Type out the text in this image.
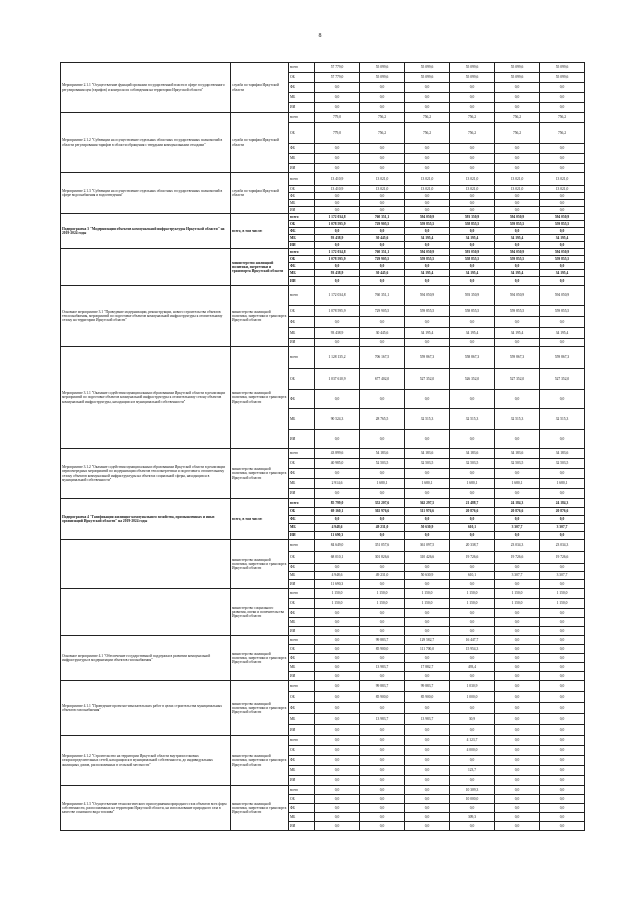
8
Мероприятие 2.1.1 "Осуществление функций органами государственной власти в сфере государственного регулирования цен (тарифов) и контроля их соблюдения на территории Иркутской области"	служба по тарифам Иркутской области	всего	57 779,0	55 099,6	55 099,6	55 099,6	55 099,6	55 099,6
		ОБ	57 779,0	55 099,6	55 099,6	55 099,6	55 099,6	55 099,6
		ФБ	0,0	0,0	0,0	0,0	0,0	0,0
		МБ	0,0	0,0	0,0	0,0	0,0	0,0
		ИИ	0,0	0,0	0,0	0,0	0,0	0,0
Мероприятие 2.1.2 "Субвенции на осуществление отдельных областных государственных полномочий в области регулирования тарифов в области обращения с твердыми коммунальными отходами"	служба по тарифам Иркутской области	всего	779,0	756,2	756,2	756,2	756,2	756,2
		ОБ	779,0	756,2	756,2	756,2	756,2	756,2
		ФБ	0,0	0,0	0,0	0,0	0,0	0,0
		МБ	0,0	0,0	0,0	0,0	0,0	0,0
		ИИ	0,0	0,0	0,0	0,0	0,0	0,0
Мероприятие 2.1.3 "Субвенции на осуществление отдельных областных государственных полномочий в сфере водоснабжения и водоотведения"	служба по тарифам Иркутской области	всего	13 410,9	13 021,0	13 021,0	13 021,0	13 021,0	13 021,0
		ОБ	13 410,9	13 021,0	13 021,0	13 021,0	13 021,0	13 021,0
		ФБ	0,0	0,0	0,0	0,0	0,0	0,0
		МБ	0,0	0,0	0,0	0,0	0,0	0,0
		ИИ	0,0	0,0	0,0	0,0	0,0	0,0
Подпрограмма 3 "Модернизация объектов коммунальной инфраструктуры Иркутской области" на 2019-2024 годы	всего, в том числе:	всего	1 172 034,8	760 351,1	594 050,9	593 350,9	594 050,9	594 050,9
		ОБ	1 078 595,9	729 905,5	559 855,5	558 855,5	559 855,5	559 855,5
		ФБ	0,0	0,0	0,0	0,0	0,0	0,0
		МБ	93 438,9	30 445,6	34 195,4	34 195,4	34 195,4	34 195,4
		ИИ	0,0	0,0	0,0	0,0	0,0	0,0
	министерство жилищной политики, энергетики и транспорта Иркутской области	всего	1 172 034,8	760 351,1	594 050,9	593 050,9	594 050,9	594 050,9
		ОБ	1 078 595,9	729 905,5	559 855,5	558 855,5	559 855,5	559 855,5
		ФБ	0,0	0,0	0,0	0,0	0,0	0,0
		МБ	93 438,9	30 445,6	34 195,4	34 195,4	34 195,4	34 195,4
		ИИ	0,0	0,0	0,0	0,0	0,0	0,0
Основное мероприятие 3.1 "Проведение модернизации, реконструкции, нового строительства объектов теплоснабжения, мероприятий по подготовке объектов коммунальной инфраструктуры к отопительному сезону на территории Иркутской области"	министерство жилищной политики, энергетики и транспорта Иркутской области	всего	1 172 034,8	760 351,1	594 050,9	593 350,9	594 050,9	594 050,9
		ОБ	1 078 595,9	729 905,5	559 855,5	558 855,5	559 855,5	559 855,5
		ФБ	0,0	0,0	0,0	0,0	0,0	0,0
		МБ	93 438,9	30 445,6	34 195,4	34 195,4	34 195,4	34 195,4
		ИИ	0,0	0,0	0,0	0,0	0,0	0,0
Мероприятие 3.1.1 "Оказание содействия муниципальным образованиям Иркутской области в реализации мероприятий по подготовке объектов коммунальной инфраструктуры к отопительному сезону объектов коммунальной инфраструктуры, находящихся в муниципальной собственности"	министерство жилищной политики, энергетики и транспорта Иркутской области	всего	1 128 135,2	706 167,5	559 867,3	558 867,3	559 867,3	559 867,3
		ОБ	1 037 610,9	677 402,0	527 352,0	526 352,0	527 352,0	527 352,0
		ФБ	0,0	0,0	0,0	0,0	0,0	0,0
		МБ	90 524,3	28 765,5	32 515,3	32 515,3	32 515,3	32 515,3
		ИИ	0,0	0,0	0,0	0,0	0,0	0,0
Мероприятие 3.1.2 "Оказание содействия муниципальным образованиям Иркутской области в реализации первоочередных мероприятий по модернизации объектов теплоэнергетики и подготовке к отопительному сезону объектов коммунальной инфраструктуры на объектах социальной сферы, находящихся в муниципальной собственности"	министерство жилищной политики, энергетики и транспорта Иркутской области	всего	43 899,6	54 183,6	34 183,6	34 183,6	34 183,6	34 183,6
		ОБ	40 985,0	52 503,5	32 503,5	32 503,5	32 503,5	32 503,5
		ФБ	0,0	0,0	0,0	0,0	0,0	0,0
		МБ	2 914,6	1 680,1	1 680,1	1 680,1	1 680,1	1 680,1
		ИИ	0,0	0,0	0,0	0,0	0,0	0,0
Подпрограмма 4 "Газификация жилищно-коммунального хозяйства, промышленных и иных организаций Иркутской области" на 2019-2024 годы	всего, в том числе:	всего	85 799,0	352 207,6	362 297,5	21 488,7	24 184,3	24 184,3
		ОБ	69 160,1	302 976,6	311 976,6	20 876,6	20 876,6	20 876,6
		ФБ	0,0	0,0	0,0	0,0	0,0	0,0
		МБ	4 948,6	49 231,0	50 630,9	610,1	3 307,7	3 307,7
		ИИ	11 690,3	0,0	0,0	0,0	0,0	0,0
	министерство жилищной политики, энергетики и транспорта Иркутской области	всего	84 649,0	351 057,6	361 097,5	20 338,7	23 034,3	23 034,3
		ОБ	68 010,1	301 826,6	310 426,6	19 726,6	19 726,6	19 726,6
		ФБ	0,0	0,0	0,0	0,0	0,0	0,0
		МБ	4 948,6	49 231,0	50 630,9	610,1	3 307,7	3 307,7
		ИИ	11 690,3	0,0	0,0	0,0	0,0	0,0
	министерство социального развития, опеки и попечительства Иркутской области	всего	1 150,0	1 150,0	1 150,0	1 150,0	1 150,0	1 150,0
		ОБ	1 150,0	1 150,0	1 150,0	1 150,0	1 150,0	1 150,0
		ФБ	0,0	0,0	0,0	0,0	0,0	0,0
		МБ	0,0	0,0	0,0	0,0	0,0	0,0
		ИИ	0,0	0,0	0,0	0,0	0,0	0,0
Основное мероприятие 4.1 "Обеспечение государственной поддержки в развитии коммунальной инфраструктуры в модернизации объектов газоснабжения"	министерство жилищной политики, энергетики и транспорта Иркутской области	всего	0,0	99 883,7	129 582,7	16 447,7	0,0	0,0
		ОБ	0,0	85 900,0	111 700,0	15 954,3	0,0	0,0
		ФБ	0,0	0,0	0,0	0,0	0,0	0,0
		МБ	0,0	13 983,7	17 882,7	493,4	0,0	0,0
		ИИ	0,0	0,0	0,0	0,0	0,0	0,0
Мероприятие 4.1.1 "Проведение проектно-изыскательских работ в целях строительства муниципальных объектов газоснабжения"	министерство жилищной политики, энергетики и транспорта Иркутской области	всего	0,0	99 883,7	99 883,7	1 030,9	0,0	0,0
		ОБ	0,0	85 900,0	85 900,0	1 000,0	0,0	0,0
		ФБ	0,0	0,0	0,0	0,0	0,0	0,0
		МБ	0,0	13 983,7	13 983,7	30,9	0,0	0,0
		ИИ	0,0	0,0	0,0	0,0	0,0	0,0
Мероприятие 4.1.2 "Строительство на территории Иркутской области внутрипоселковых газораспределительных сетей, находящихся в муниципальной собственности, до индивидуальных жилищных домов, расположенных в сельской местности"	министерство жилищной политики, энергетики и транспорта Иркутской области	всего	0,0	0,0	0,0	4 123,7	0,0	0,0
		ОБ	0,0	0,0	0,0	4 000,0	0,0	0,0
		ФБ	0,0	0,0	0,0	0,0	0,0	0,0
		МБ	0,0	0,0	0,0	123,7	0,0	0,0
		ИИ	0,0	0,0	0,0	0,0	0,0	0,0
Мероприятие 4.1.3 "Осуществление технологического присоединения природного газа объектов всех форм собственности, расположенных на территории Иркутской области, на использование природного газа в качестве основного вида топлива"	министерство жилищной политики, энергетики и транспорта Иркутской области	всего	0,0	0,0	0,0	10 309,3	0,0	0,0
		ОБ	0,0	0,0	0,0	10 000,0	0,0	0,0
		ФБ	0,0	0,0	0,0	0,0	0,0	0,0
		МБ	0,0	0,0	0,0	309,3	0,0	0,0
		ИИ	0,0	0,0	0,0	0,0	0,0	0,0
